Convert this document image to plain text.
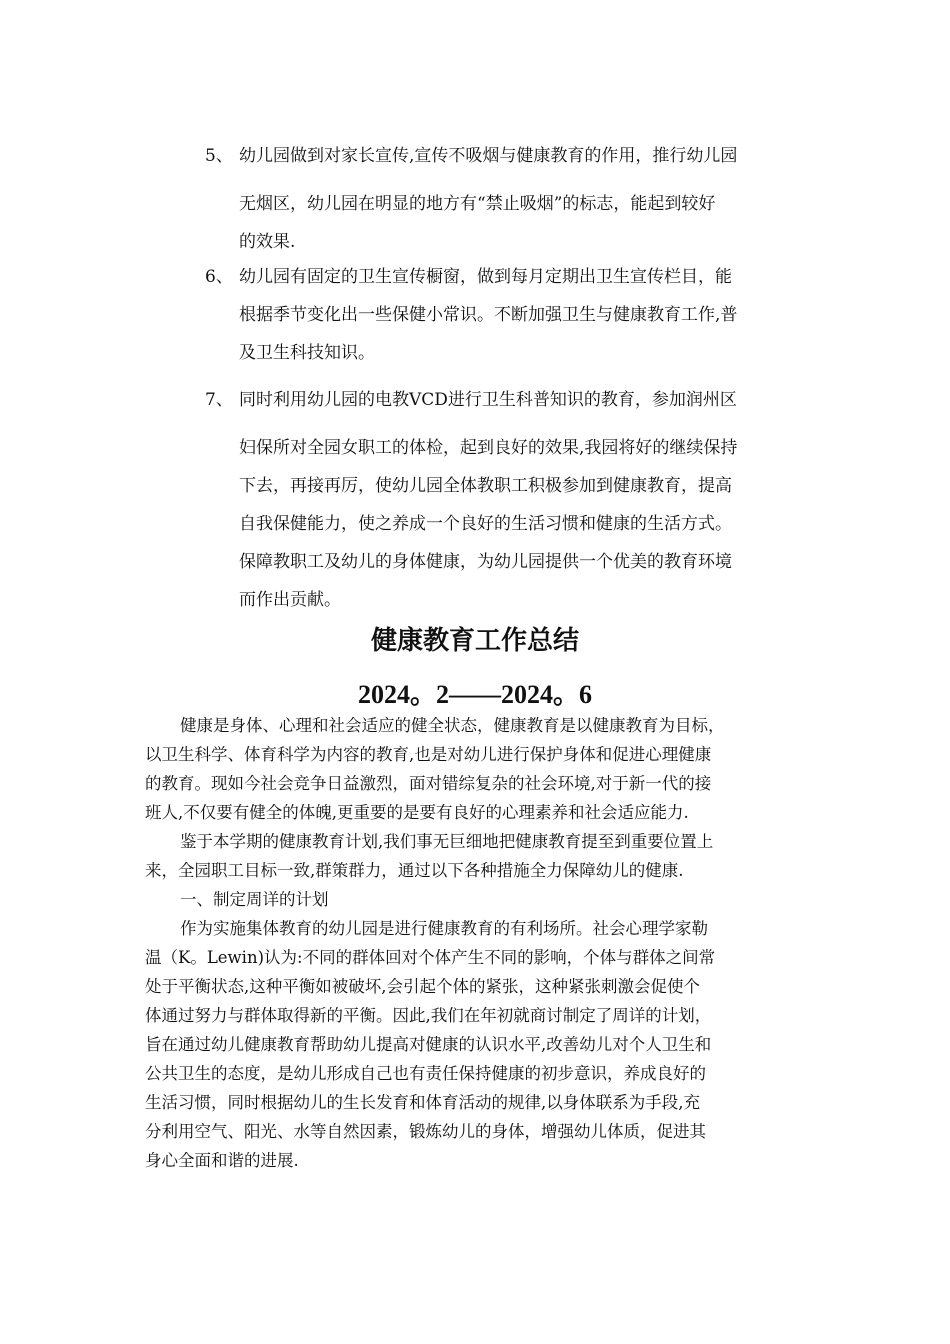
5、 幼儿园做到对家长宣传,宣传不吸烟与健康教育的作用，推行幼儿园
无烟区，幼儿园在明显的地方有“禁止吸烟”的标志，能起到较好
的效果.
6、 幼儿园有固定的卫生宣传橱窗，做到每月定期出卫生宣传栏目，能
根据季节变化出一些保健小常识。不断加强卫生与健康教育工作,普
及卫生科技知识。
7、 同时利用幼儿园的电教VCD进行卫生科普知识的教育，参加润州区
妇保所对全园女职工的体检，起到良好的效果,我园将好的继续保持
下去，再接再厉，使幼儿园全体教职工积极参加到健康教育，提高
自我保健能力，使之养成一个良好的生活习惯和健康的生活方式。
保障教职工及幼儿的身体健康，为幼儿园提供一个优美的教育环境
而作出贡献。
健康教育工作总结
2024。2——2024。6
健康是身体、心理和社会适应的健全状态，健康教育是以健康教育为目标，
以卫生科学、体育科学为内容的教育,也是对幼儿进行保护身体和促进心理健康
的教育。现如今社会竞争日益激烈，面对错综复杂的社会环境,对于新一代的接
班人,不仅要有健全的体魄,更重要的是要有良好的心理素养和社会适应能力.
鉴于本学期的健康教育计划,我们事无巨细地把健康教育提至到重要位置上
来，全园职工目标一致,群策群力，通过以下各种措施全力保障幼儿的健康.
一、制定周详的计划
作为实施集体教育的幼儿园是进行健康教育的有利场所。社会心理学家勒
温（K。Lewin)认为:不同的群体回对个体产生不同的影响，个体与群体之间常
处于平衡状态,这种平衡如被破坏,会引起个体的紧张，这种紧张刺激会促使个
体通过努力与群体取得新的平衡。因此,我们在年初就商讨制定了周详的计划，
旨在通过幼儿健康教育帮助幼儿提高对健康的认识水平,改善幼儿对个人卫生和
公共卫生的态度，是幼儿形成自己也有责任保持健康的初步意识，养成良好的
生活习惯，同时根据幼儿的生长发育和体育活动的规律,以身体联系为手段,充
分利用空气、阳光、水等自然因素，锻炼幼儿的身体，增强幼儿体质，促进其
身心全面和谐的进展.
